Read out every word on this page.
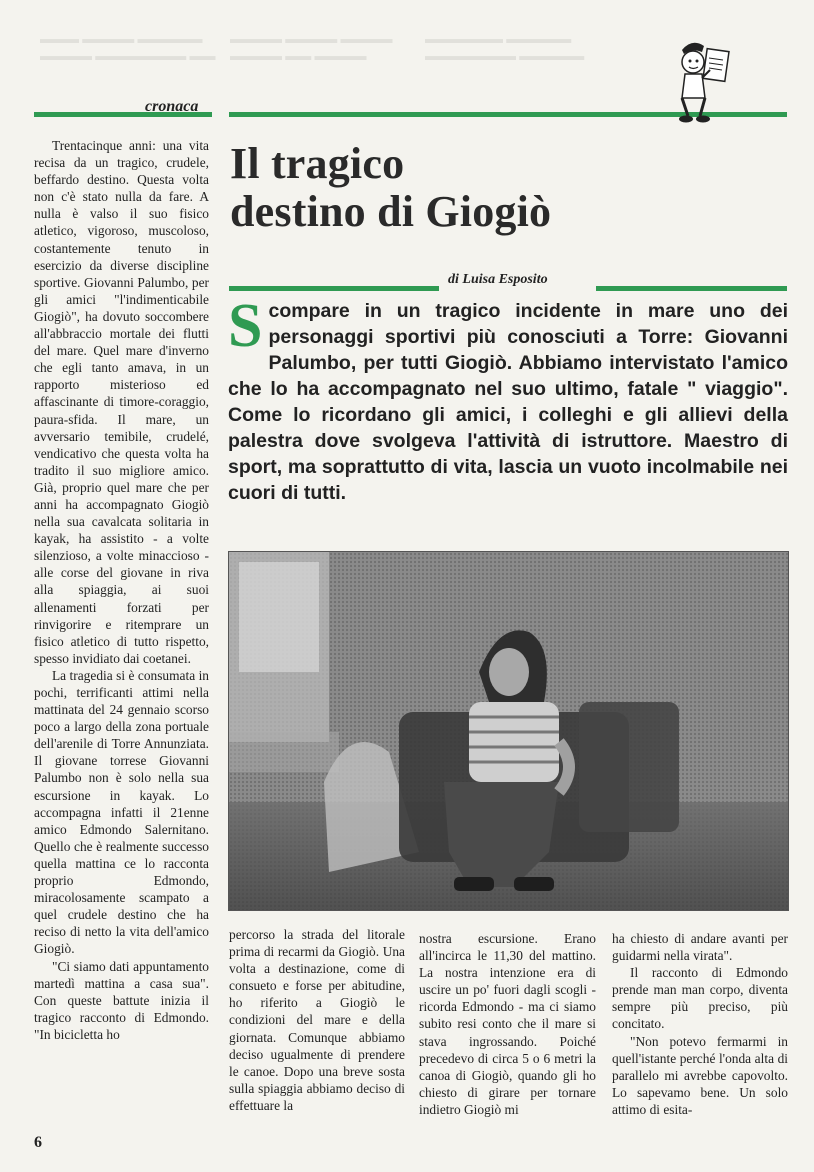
▬▬▬ ▬▬▬▬ ▬▬▬▬▬
▬▬▬▬ ▬▬▬▬▬▬▬ ▬▬
▬▬▬▬ ▬▬▬▬ ▬▬▬▬
▬▬▬▬ ▬▬ ▬▬▬▬
▬▬▬▬▬▬ ▬▬▬▬▬
▬▬▬▬▬▬▬ ▬▬▬▬▬
cronaca
Il tragico
destino di Giogiò
di Luisa Esposito

Scompare in un tragico incidente in mare uno dei personaggi sportivi più conosciuti a Torre: Giovanni Palumbo, per tutti Giogiò. Abbiamo intervistato l'amico che lo ha accompagnato nel suo ultimo, fatale " viaggio". Come lo ricordano gli amici, i colleghi e gli allievi della palestra dove svolgeva l'attività di istruttore. Maestro di sport, ma soprattutto di vita, lascia un vuoto incolmabile nei cuori di tutti.

Trentacinque anni: una vita recisa da un tragico, crudele, beffardo destino. Questa volta non c'è stato nulla da fare. A nulla è valso il suo fisico atletico, vigoroso, muscoloso, costantemente tenuto in esercizio da diverse discipline sportive. Giovanni Palumbo, per gli amici "l'indimenticabile Giogiò", ha dovuto soccombere all'abbraccio mortale dei flutti del mare. Quel mare d'inverno che egli tanto amava, in un rapporto misterioso ed affascinante di timore-coraggio, paura-sfida. Il mare, un avversario temibile, crudelé, vendicativo che questa volta ha tradito il suo migliore amico. Già, proprio quel mare che per anni ha accompagnato Giogiò nella sua cavalcata solitaria in kayak, ha assistito - a volte silenzioso, a volte minaccioso - alle corse del giovane in riva alla spiaggia, ai suoi allenamenti forzati per rinvigorire e ritemprare un fisico atletico di tutto rispetto, spesso invidiato dai coetanei.

La tragedia si è consumata in pochi, terrificanti attimi nella mattinata del 24 gennaio scorso poco a largo della zona portuale dell'arenile di Torre Annunziata. Il giovane torrese Giovanni Palumbo non è solo nella sua escursione in kayak. Lo accompagna infatti il 21enne amico Edmondo Salernitano. Quello che è realmente successo quella mattina ce lo racconta proprio Edmondo, miracolosamente scampato a quel crudele destino che ha reciso di netto la vita dell'amico Giogiò.

"Ci siamo dati appuntamento martedì mattina a casa sua". Con queste battute inizia il tragico racconto di Edmondo. "In bicicletta ho

percorso la strada del litorale prima di recarmi da Giogiò. Una volta a destinazione, come di consueto e forse per abitudine, ho riferito a Giogiò le condizioni del mare e della giornata. Comunque abbiamo deciso ugualmente di prendere le canoe. Dopo una breve sosta sulla spiaggia abbiamo deciso di effettuare la

nostra escursione. Erano all'incirca le 11,30 del mattino. La nostra intenzione era di uscire un po' fuori dagli scogli - ricorda Edmondo - ma ci siamo subito resi conto che il mare si stava ingrossando. Poiché precedevo di circa 5 o 6 metri la canoa di Giogiò, quando gli ho chiesto di girare per tornare indietro Giogiò mi

ha chiesto di andare avanti per guidarmi nella virata".

Il racconto di Edmondo prende man man corpo, diventa sempre più preciso, più concitato.

"Non potevo fermarmi in quell'istante perché l'onda alta di parallelo mi avrebbe capovolto. Lo sapevamo bene. Un solo attimo di esita-

6
